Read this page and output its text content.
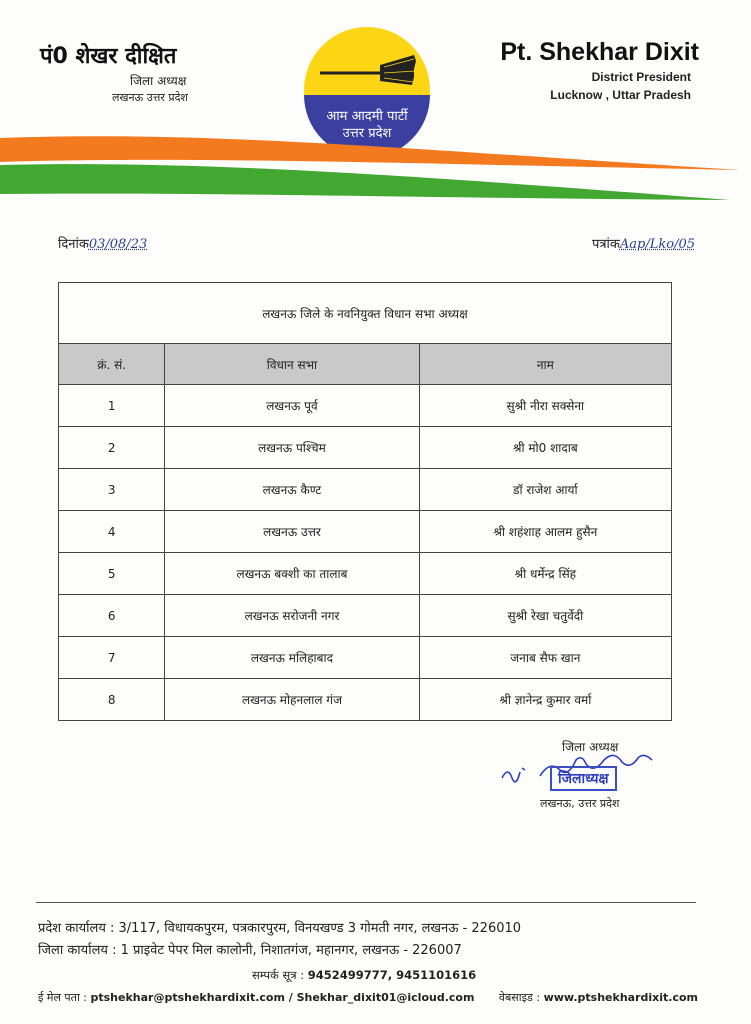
पं0 शेखर दीक्षित
जिला अध्यक्ष
लखनऊ उत्तर प्रदेश
Pt. Shekhar Dixit
District President
Lucknow , Uttar Pradesh
आम आदमी पार्टी
उत्तर प्रदेश
दिनांक03/08/23	पत्रांकAap/Lko/05
लखनऊ जिले के नवनियुक्त विधान सभा अध्यक्ष		
क्रं. सं.	विधान सभा	नाम
1	लखनऊ पूर्व	सुश्री नीरा सक्सेना
2	लखनऊ पश्चिम	श्री मो0 शादाब
3	लखनऊ कैण्ट	डॉ राजेश आर्या
4	लखनऊ उत्तर	श्री शहंशाह आलम हुसैन
5	लखनऊ बक्शी का तालाब	श्री धर्मेन्द्र सिंह
6	लखनऊ सरोजनी नगर	सुश्री रेखा चतुर्वेदी
7	लखनऊ मलिहाबाद	जनाब सैफ खान
8	लखनऊ मोहनलाल गंज	श्री ज्ञानेन्द्र कुमार वर्मा
जिला अध्यक्ष
जिलाध्यक्ष
लखनऊ, उत्तर प्रदेश
प्रदेश कार्यालय : 3/117, विधायकपुरम, पत्रकारपुरम, विनयखण्ड 3 गोमती नगर, लखनऊ - 226010
जिला कार्यालय : 1 प्राइवेट पेपर मिल कालोनी, निशातगंज, महानगर, लखनऊ - 226007
सम्पर्क सूत्र : 9452499777, 9451101616
ई मेल पता : ptshekhar@ptshekhardixit.com / Shekhar_dixit01@icloud.com वेबसाइड : www.ptshekhardixit.com
